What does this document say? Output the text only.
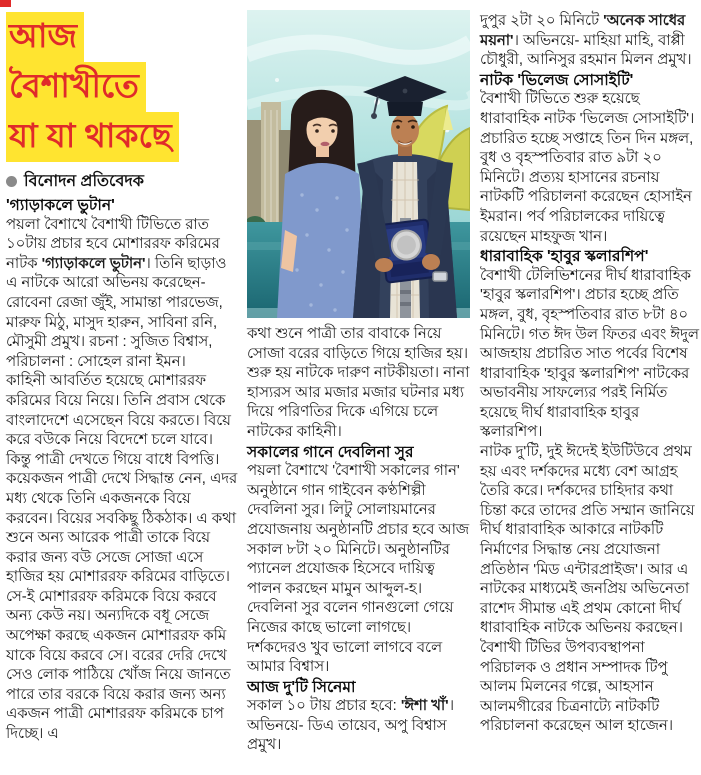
আজ
বৈশাখীতে
যা যা থাকছে
বিনোদন প্রতিবেদক
'গ্যাড়াকলে ভুটান'

পয়লা বৈশাখে বৈশাখী টিভিতে রাত ১০টায় প্রচার হবে মোশাররফ করিমের নাটক 'গ্যাড়াকলে ভুটান'। তিনি ছাড়াও এ নাটকে আরো অভিনয় করেছেন- রোবেনা রেজা জুঁই, সামান্তা পারভেজ, মারুফ মিঠু, মাসুদ হারুন, সাবিনা রনি, মৌসুমী প্রমুখ। রচনা : সুজিত বিশ্বাস, পরিচালনা : সোহেল রানা ইমন।

কাহিনী আবর্তিত হয়েছে মোশাররফ করিমের বিয়ে নিয়ে। তিনি প্রবাস থেকে বাংলাদেশে এসেছেন বিয়ে করতে। বিয়ে করে বউকে নিয়ে বিদেশে চলে যাবে। কিন্তু পাত্রী দেখতে গিয়ে বাধে বিপত্তি। কয়েকজন পাত্রী দেখে সিদ্ধান্ত নেন, এদর মধ্য থেকে তিনি একজনকে বিয়ে করবেন। বিয়ের সবকিছু ঠিকঠাক। এ কথা শুনে অন্য আরেক পাত্রী তাকে বিয়ে করার জন্য বউ সেজে সোজা এসে হাজির হয় মোশাররফ করিমের বাড়িতে। সে-ই মোশাররফ করিমকে বিয়ে করবে অন্য কেউ নয়। অন্যদিকে বধূ সেজে অপেক্ষা করছে একজন মোশাররফ কমি যাকে বিয়ে করবে সে। বরের দেরি দেখে সেও লোক পাঠিয়ে খোঁজ নিয়ে জানতে পারে তার বরকে বিয়ে করার জন্য অন্য একজন পাত্রী মোশাররফ করিমকে চাপ দিচ্ছে। এ

কথা শুনে পাত্রী তার বাবাকে নিয়ে সোজা বরের বাড়িতে গিয়ে হাজির হয়। শুরু হয় নাটকে দারুণ নাটকীয়তা। নানা হাস্যরস আর মজার মজার ঘটনার মধ্য দিয়ে পরিণতির দিকে এগিয়ে চলে নাটকের কাহিনী।

সকালের গানে দেবলিনা সুর

পয়লা বৈশাখে 'বৈশাখী সকালের গান' অনুষ্ঠানে গান গাইবেন কণ্ঠশিল্পী দেবলিনা সুর। লিটু সোলায়মানের প্রযোজনায় অনুষ্ঠানটি প্রচার হবে আজ সকাল ৮টা ২০ মিনিটে। অনুষ্ঠানটির প্যানেল প্রযোজক হিসেবে দায়িত্ব পালন করছেন মামুন আব্দুল-হ। দেবলিনা সুর বলেন গানগুলো গেয়ে নিজের কাছে ভালো লাগছে। দর্শকদেরও খুব ভালো লাগবে বলে আমার বিশ্বাস।

আজ দু'টি সিনেমা

সকাল ১০ টায় প্রচার হবে: 'ঈশা খাঁ'। অভিনয়ে- ডিএ তায়েব, অপু বিশ্বাস প্রমুখ।

দুপুর ২টা ২০ মিনিটে 'অনেক সাধের ময়না'। অভিনয়ে- মাহিয়া মাহি, বাপ্পী চৌধুরী, আনিসুর রহমান মিলন প্রমুখ।

নাটক 'ভিলেজ সোসাইটি'

বৈশাখী টিভিতে শুরু হয়েছে ধারাবাহিক নাটক 'ভিলেজ সোসাইটি'। প্রচারিত হচ্ছে সপ্তাহে তিন দিন মঙ্গল, বুধ ও বৃহস্পতিবার রাত ৯টা ২০ মিনিটে। প্রত্যয় হাসানের রচনায় নাটকটি পরিচালনা করেছেন হোসাইন ইমরান। পর্ব পরিচালকের দায়িত্বে রয়েছেন মাহফুজ খান।

ধারাবাহিক 'হাবুর স্কলারশিপ'

বৈশাখী টেলিভিশনের দীর্ঘ ধারাবাহিক 'হাবুর স্কলারশিপ'। প্রচার হচ্ছে প্রতি মঙ্গল, বুধ, বৃহস্পতিবার রাত ৮টা ৪০ মিনিটে। গত ঈদ উল ফিতর এবং ঈদুল আজহায় প্রচারিত সাত পর্বের বিশেষ ধারাবাহিক 'হাবুর স্কলারশিপ' নাটকের অভাবনীয় সাফল্যের পরই নির্মিত হয়েছে দীর্ঘ ধারাবাহিক হাবুর স্কলারশিপ।

নাটক দু'টি, দুই ঈদেই ইউটিউবে প্রথম হয় এবং দর্শকদের মধ্যে বেশ আগ্রহ তৈরি করে। দর্শকদের চাহিদার কথা চিন্তা করে তাদের প্রতি সম্মান জানিয়ে দীর্ঘ ধারাবাহিক আকারে নাটকটি নির্মাণের সিদ্ধান্ত নেয় প্রযোজনা প্রতিষ্ঠান 'মিড এন্টারপ্রাইজ'। আর এ নাটকের মাধ্যমেই জনপ্রিয় অভিনেতা রাশেদ সীমান্ত এই প্রথম কোনো দীর্ঘ ধারাবাহিক নাটকে অভিনয় করছেন। বৈশাখী টিভির উপব্যবস্থাপনা পরিচালক ও প্রধান সম্পাদক টিপু আলম মিলনের গল্পে, আহসান আলমগীরের চিত্রনাট্যে নাটকটি পরিচালনা করেছেন আল হাজেন।
